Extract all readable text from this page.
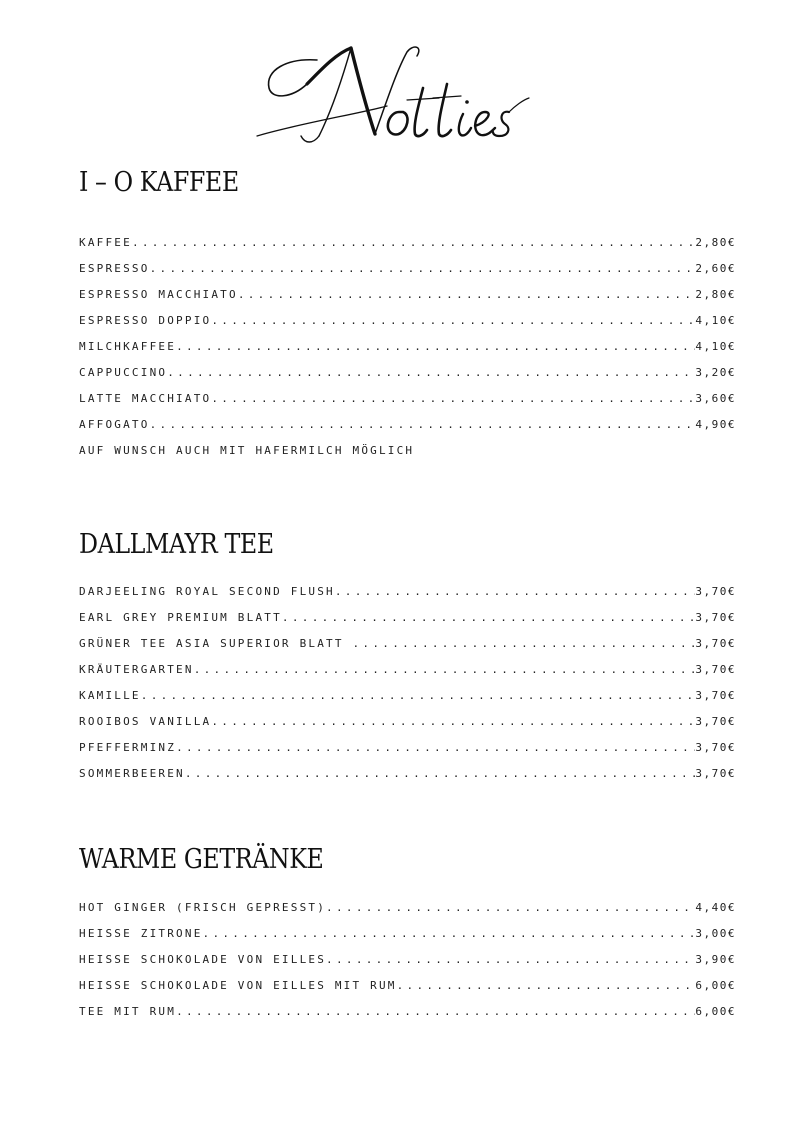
I – O KAFFEE
KAFFEE .....	2,80€
ESPRESSO .....	2,60€
ESPRESSO MACCHIATO .....	2,80€
ESPRESSO DOPPIO .....	4,10€
MILCHKAFFEE .....	4,10€
CAPPUCCINO .....	3,20€
LATTE MACCHIATO .....	3,60€
AFFOGATO .....	4,90€
AUF WUNSCH AUCH MIT HAFERMILCH MÖGLICH
DALLMAYR TEE
DARJEELING ROYAL SECOND FLUSH .....	3,70€
EARL GREY PREMIUM BLATT .....	3,70€
GRÜNER TEE ASIA SUPERIOR BLATT .....	3,70€
KRÄUTERGARTEN .....	3,70€
KAMILLE .....	3,70€
ROOIBOS VANILLA .....	3,70€
PFEFFERMINZ .....	3,70€
SOMMERBEEREN .....	3,70€
WARME GETRÄNKE
HOT GINGER (FRISCH GEPRESST) .....	4,40€
HEISSE ZITRONE .....	3,00€
HEISSE SCHOKOLADE VON EILLES .....	3,90€
HEISSE SCHOKOLADE VON EILLES MIT RUM .....	6,00€
TEE MIT RUM .....	6,00€
